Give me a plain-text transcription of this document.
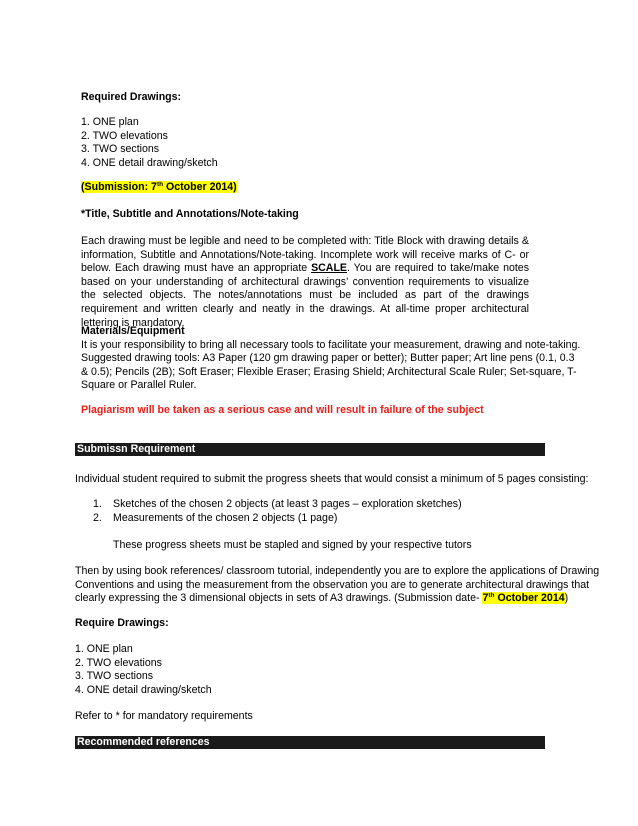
Required Drawings:
1. ONE plan
2. TWO elevations
3. TWO sections
4. ONE detail drawing/sketch
(Submission: 7th October 2014)
*Title, Subtitle and Annotations/Note-taking
Each drawing must be legible and need to be completed with: Title Block with drawing details & information, Subtitle and Annotations/Note-taking. Incomplete work will receive marks of C- or below. Each drawing must have an appropriate SCALE. You are required to take/make notes based on your understanding of architectural drawings’ convention requirements to visualize the selected objects. The notes/annotations must be included as part of the drawings requirement and written clearly and neatly in the drawings. At all-time proper architectural lettering is mandatory.
Materials/Equipment
It is your responsibility to bring all necessary tools to facilitate your measurement, drawing and note-taking.
Suggested drawing tools: A3 Paper (120 gm drawing paper or better); Butter paper; Art line pens (0.1, 0.3
& 0.5); Pencils (2B); Soft Eraser; Flexible Eraser; Erasing Shield; Architectural Scale Ruler; Set-square, T-
Square or Parallel Ruler.
Plagiarism will be taken as a serious case and will result in failure of the subject
Submissn Requirement
Individual student required to submit the progress sheets that would consist a minimum of 5 pages consisting:
1. Sketches of the chosen 2 objects (at least 3 pages – exploration sketches)
2. Measurements of the chosen 2 objects (1 page)
These progress sheets must be stapled and signed by your respective tutors
Then by using book references/ classroom tutorial, independently you are to explore the applications of Drawing
Conventions and using the measurement from the observation you are to generate architectural drawings that
clearly expressing the 3 dimensional objects in sets of A3 drawings. (Submission date- 7th October 2014)
Require Drawings:
1. ONE plan
2. TWO elevations
3. TWO sections
4. ONE detail drawing/sketch
Refer to * for mandatory requirements
Recommended references
